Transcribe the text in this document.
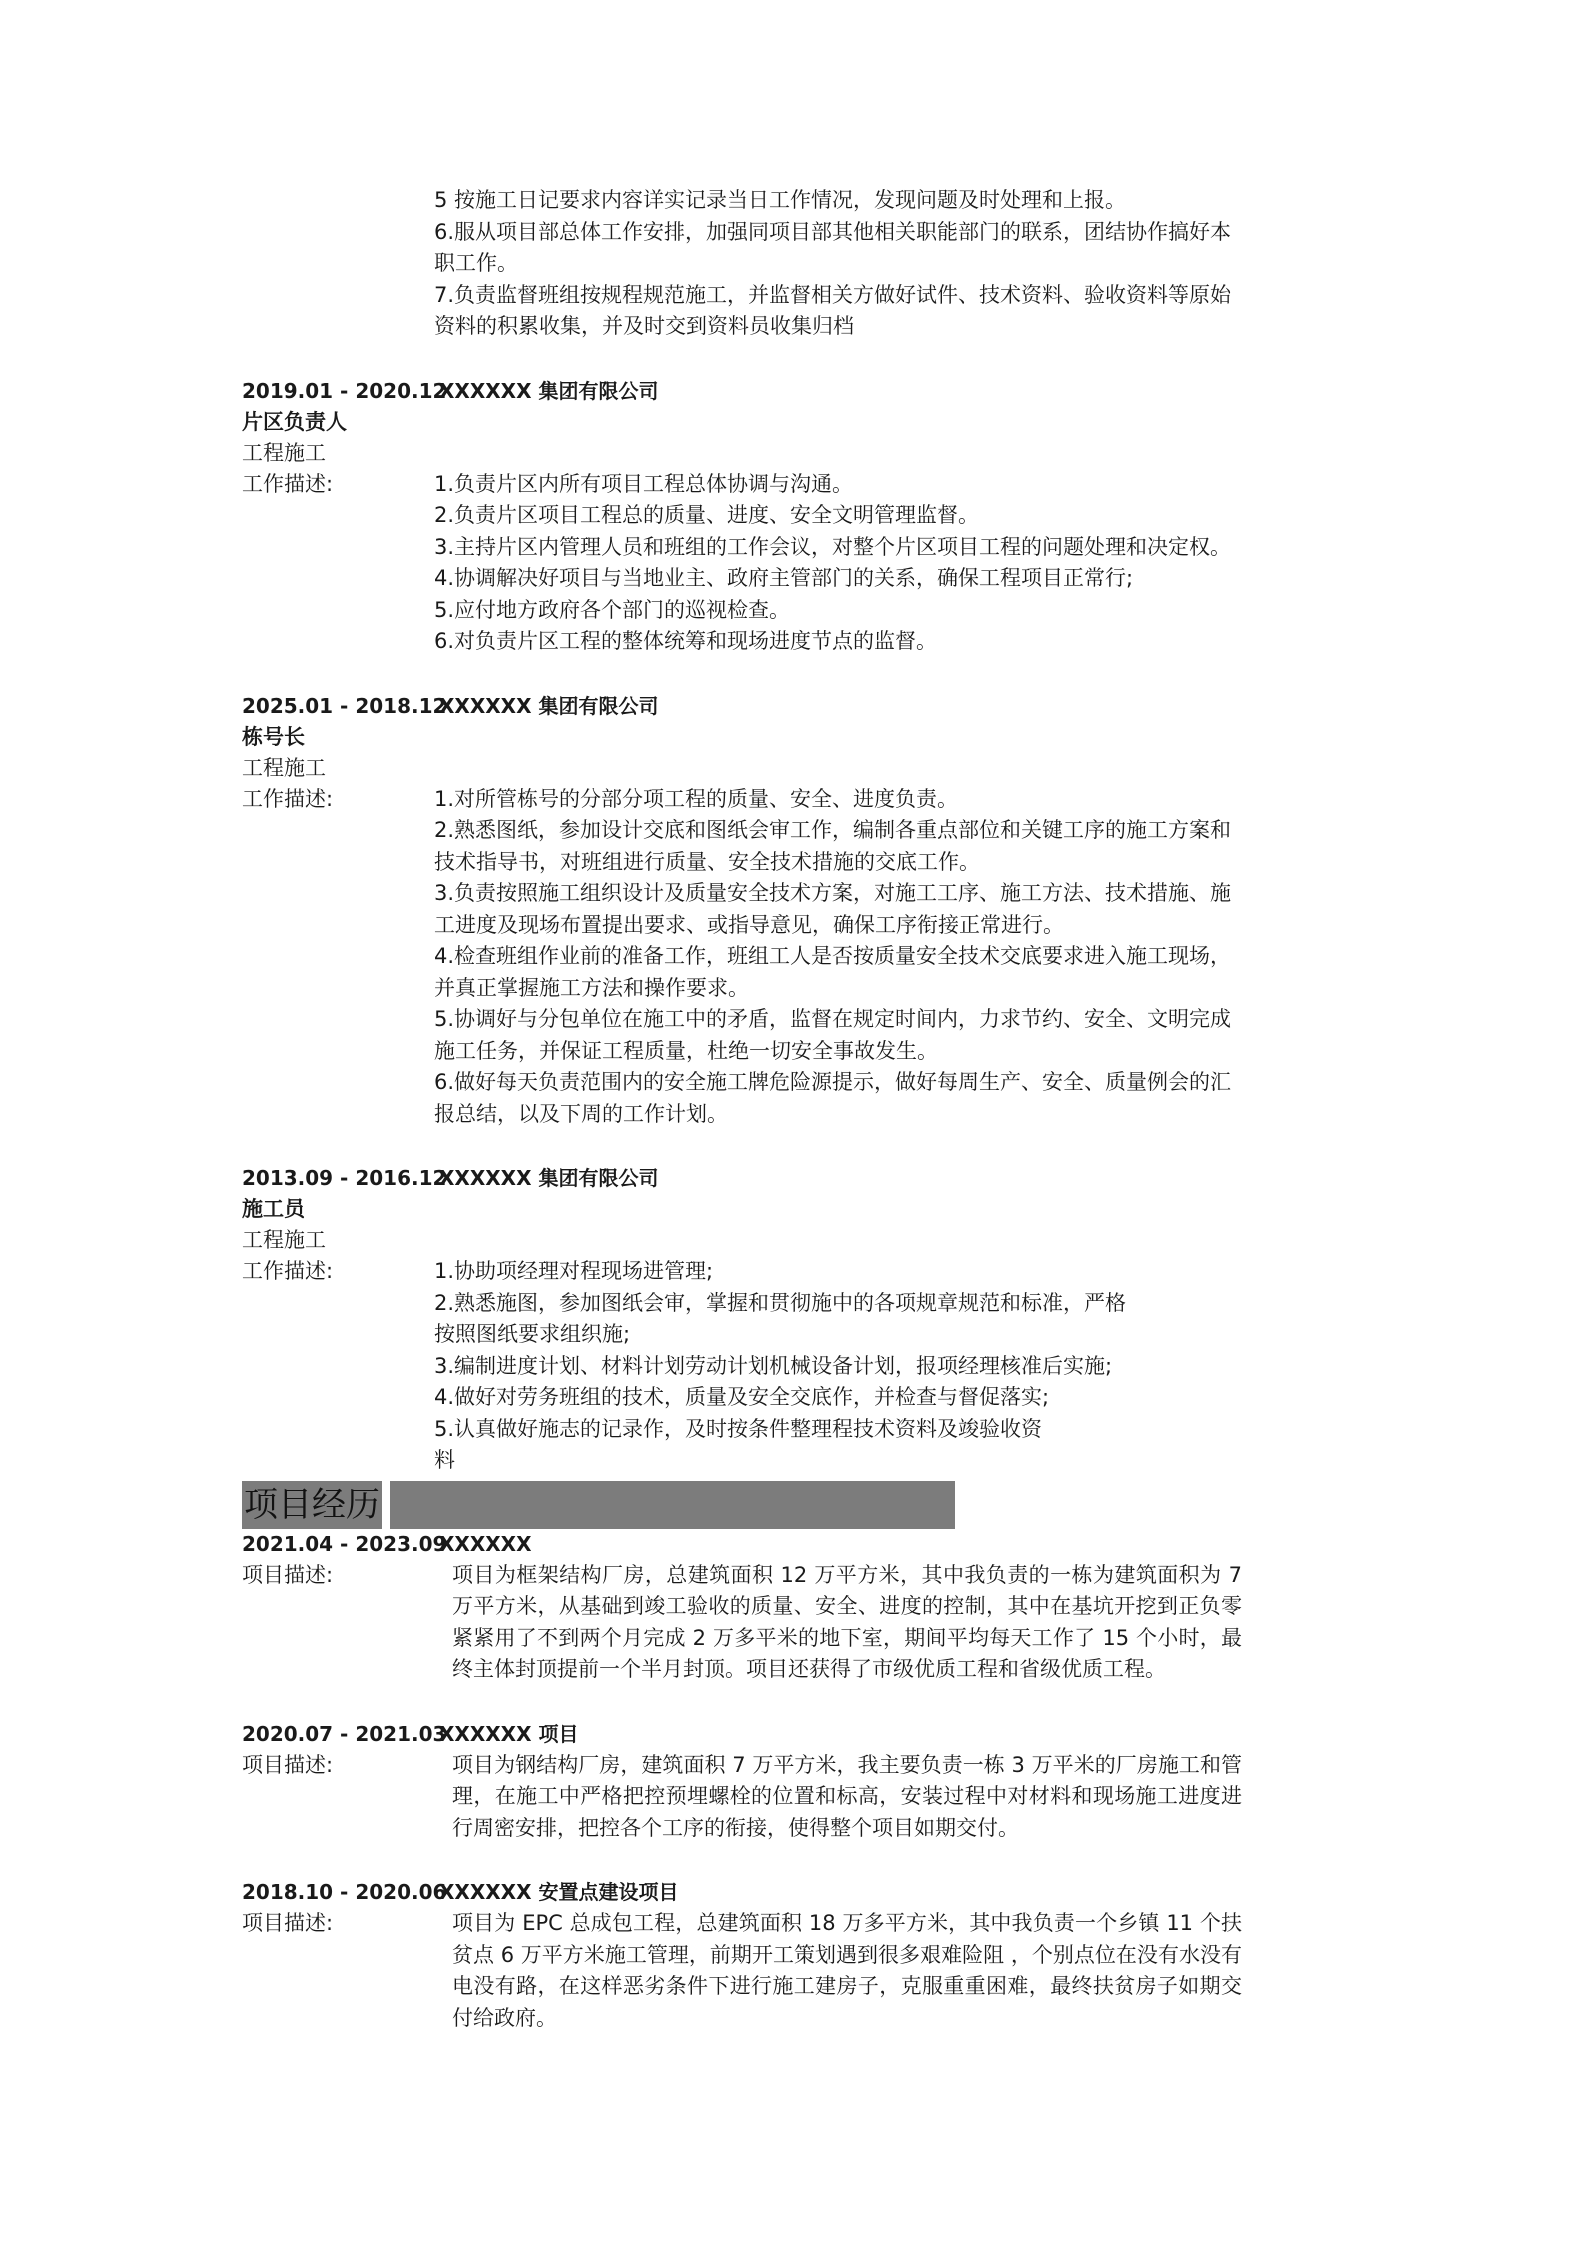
5 按施工日记要求内容详实记录当日工作情况，发现问题及时处理和上报。
6.服从项目部总体工作安排，加强同项目部其他相关职能部门的联系，团结协作搞好本
职工作。
7.负责监督班组按规程规范施工，并监督相关方做好试件、技术资料、验收资料等原始
资料的积累收集，并及时交到资料员收集归档
2019.01 - 2020.12XXXXXX 集团有限公司
片区负责人
工程施工
工作描述:	1.负责片区内所有项目工程总体协调与沟通。
2.负责片区项目工程总的质量、进度、安全文明管理监督。
3.主持片区内管理人员和班组的工作会议，对整个片区项目工程的问题处理和决定权。
4.协调解决好项目与当地业主、政府主管部门的关系，确保工程项目正常行;
5.应付地方政府各个部门的巡视检查。
6.对负责片区工程的整体统筹和现场进度节点的监督。
2025.01 - 2018.12XXXXXX 集团有限公司
栋号长
工程施工
工作描述:	1.对所管栋号的分部分项工程的质量、安全、进度负责。
2.熟悉图纸，参加设计交底和图纸会审工作，编制各重点部位和关键工序的施工方案和
技术指导书，对班组进行质量、安全技术措施的交底工作。
3.负责按照施工组织设计及质量安全技术方案，对施工工序、施工方法、技术措施、施
工进度及现场布置提出要求、或指导意见，确保工序衔接正常进行。
4.检查班组作业前的准备工作，班组工人是否按质量安全技术交底要求进入施工现场，
并真正掌握施工方法和操作要求。
5.协调好与分包单位在施工中的矛盾，监督在规定时间内，力求节约、安全、文明完成
施工任务，并保证工程质量，杜绝一切安全事故发生。
6.做好每天负责范围内的安全施工牌危险源提示，做好每周生产、安全、质量例会的汇
报总结，以及下周的工作计划。
2013.09 - 2016.12XXXXXX 集团有限公司
施工员
工程施工
工作描述:	1.协助项经理对程现场进管理;
2.熟悉施图，参加图纸会审，掌握和贯彻施中的各项规章规范和标准，严格
按照图纸要求组织施;
3.编制进度计划、材料计划劳动计划机械设备计划，报项经理核准后实施;
4.做好对劳务班组的技术，质量及安全交底作，并检查与督促落实;
5.认真做好施志的记录作，及时按条件整理程技术资料及竣验收资
料
项目经历
2021.04 - 2023.09XXXXXX
项目描述:	项目为框架结构厂房，总建筑面积 12 万平方米，其中我负责的一栋为建筑面积为 7 万平方米，从基础到竣工验收的质量、安全、进度的控制，其中在基坑开挖到正负零紧紧用了不到两个月完成 2 万多平米的地下室，期间平均每天工作了 15 个小时，最终主体封顶提前一个半月封顶。项目还获得了市级优质工程和省级优质工程。
2020.07 - 2021.03XXXXXX 项目
项目描述:	项目为钢结构厂房，建筑面积 7 万平方米，我主要负责一栋 3 万平米的厂房施工和管理，在施工中严格把控预埋螺栓的位置和标高，安装过程中对材料和现场施工进度进行周密安排，把控各个工序的衔接，使得整个项目如期交付。
2018.10 - 2020.06XXXXXX 安置点建设项目
项目描述:	项目为 EPC 总成包工程，总建筑面积 18 万多平方米，其中我负责一个乡镇 11 个扶贫点 6 万平方米施工管理，前期开工策划遇到很多艰难险阻 ，个别点位在没有水没有电没有路，在这样恶劣条件下进行施工建房子，克服重重困难，最终扶贫房子如期交付给政府。
